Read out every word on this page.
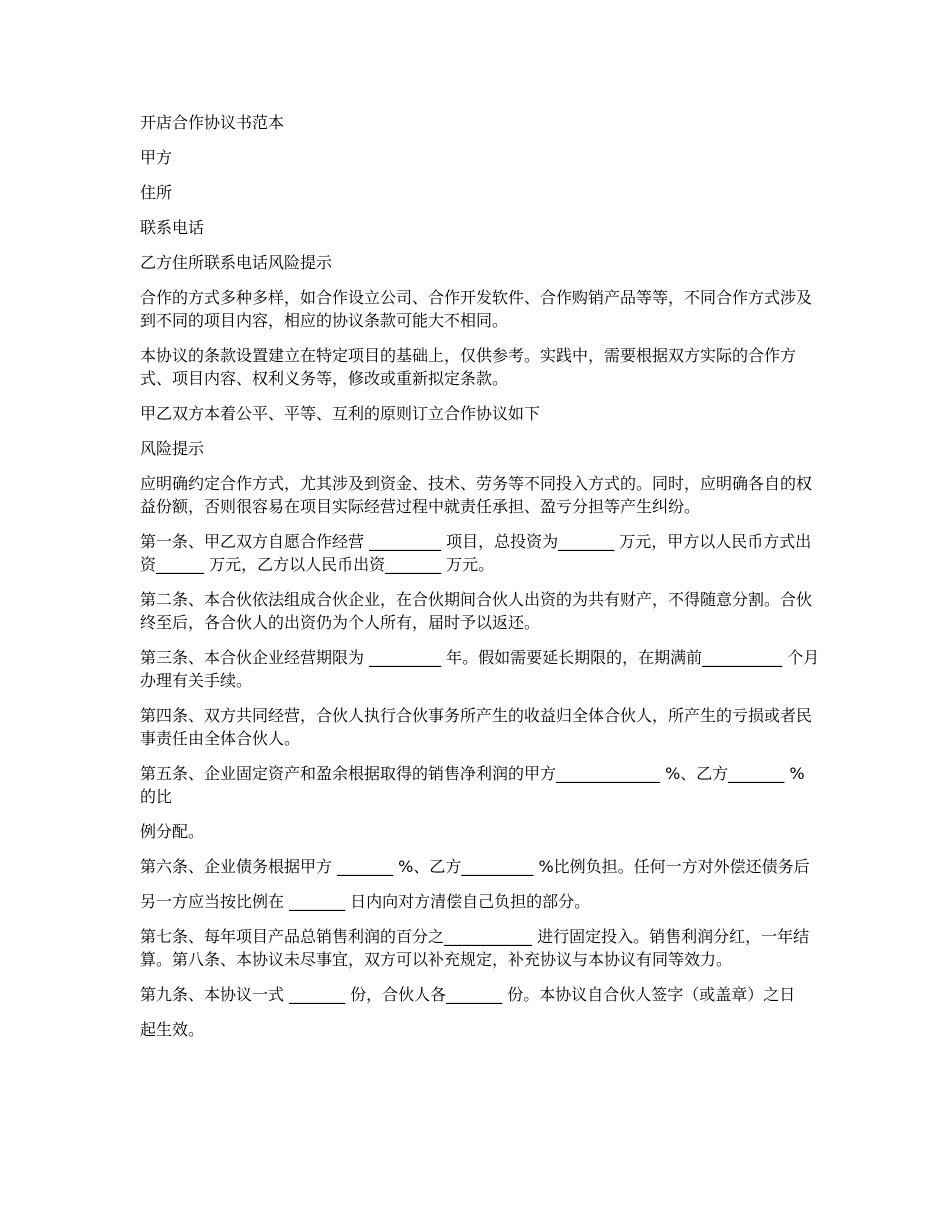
开店合作协议书范本

甲方

住所

联系电话

乙方住所联系电话风险提示

合作的方式多种多样，如合作设立公司、合作开发软件、合作购销产品等等，不同合作方式涉及到不同的项目内容，相应的协议条款可能大不相同。

本协议的条款设置建立在特定项目的基础上，仅供参考。实践中，需要根据双方实际的合作方式、项目内容、权利义务等，修改或重新拟定条款。

甲乙双方本着公平、平等、互利的原则订立合作协议如下

风险提示

应明确约定合作方式，尤其涉及到资金、技术、劳务等不同投入方式的。同时，应明确各自的权益份额，否则很容易在项目实际经营过程中就责任承担、盈亏分担等产生纠纷。

第一条、甲乙双方自愿合作经营 _________ 项目，总投资为_______ 万元，甲方以人民币方式出资______ 万元，乙方以人民币出资_______ 万元。

第二条、本合伙依法组成合伙企业，在合伙期间合伙人出资的为共有财产，不得随意分割。合伙终至后，各合伙人的出资仍为个人所有，届时予以返还。

第三条、本合伙企业经营期限为 _________ 年。假如需要延长期限的，在期满前__________ 个月办理有关手续。

第四条、双方共同经营，合伙人执行合伙事务所产生的收益归全体合伙人，所产生的亏损或者民事责任由全体合伙人。

第五条、企业固定资产和盈余根据取得的销售净利润的甲方_____________ %、乙方_______ %的比

例分配。

第六条、企业债务根据甲方 _______ %、乙方_________ %比例负担。任何一方对外偿还债务后

另一方应当按比例在 _______ 日内向对方清偿自己负担的部分。

第七条、每年项目产品总销售利润的百分之___________ 进行固定投入。销售利润分红，一年结算。第八条、本协议未尽事宜，双方可以补充规定，补充协议与本协议有同等效力。

第九条、本协议一式 _______ 份，合伙人各_______ 份。本协议自合伙人签字（或盖章）之日

起生效。
